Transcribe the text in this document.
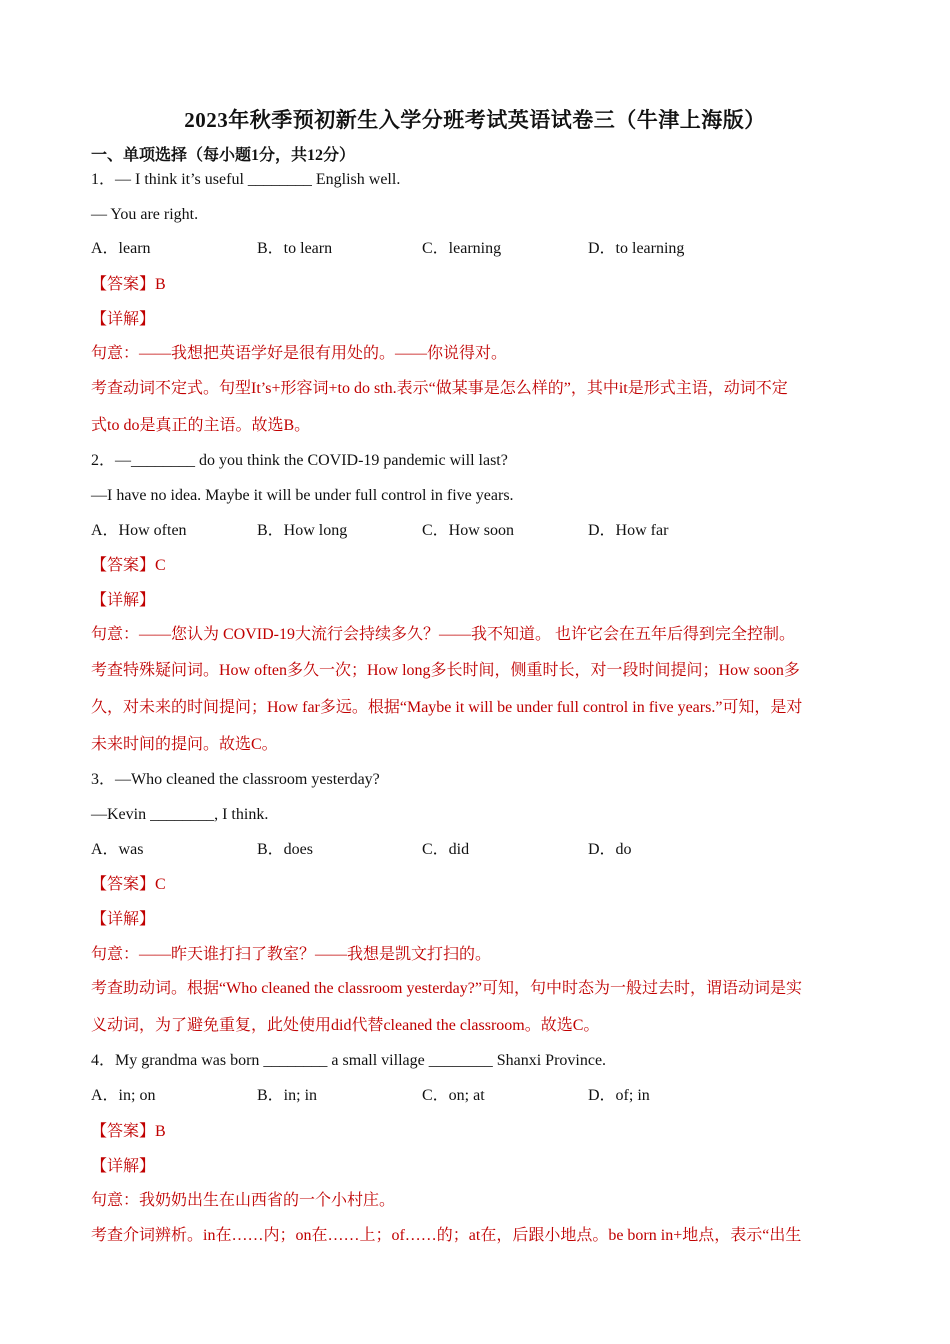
2023年秋季预初新生入学分班考试英语试卷三（牛津上海版）
一、单项选择（每小题1分，共12分）
1．— I think it’s useful ________ English well.
— You are right.
A．learn	B．to learn	C．learning	D．to learning
【答案】B
【详解】
句意：——我想把英语学好是很有用处的。——你说得对。
考查动词不定式。句型It’s+形容词+to do sth.表示“做某事是怎么样的”，其中it是形式主语，动词不定
式to do是真正的主语。故选B。
2．—________ do you think the COVID-19 pandemic will last?
—I have no idea. Maybe it will be under full control in five years.
A．How often	B．How long	C．How soon	D．How far
【答案】C
【详解】
句意：——您认为 COVID-19大流行会持续多久？——我不知道。 也许它会在五年后得到完全控制。
考查特殊疑问词。How often多久一次；How long多长时间，侧重时长，对一段时间提问；How soon多
久，对未来的时间提问；How far多远。根据“Maybe it will be under full control in five years.”可知，是对
未来时间的提问。故选C。
3．—Who cleaned the classroom yesterday?
—Kevin ________, I think.
A．was	B．does	C．did	D．do
【答案】C
【详解】
句意：——昨天谁打扫了教室？——我想是凯文打扫的。
考查助动词。根据“Who cleaned the classroom yesterday?”可知，句中时态为一般过去时，谓语动词是实
义动词，为了避免重复，此处使用did代替cleaned the classroom。故选C。
4．My grandma was born ________ a small village ________ Shanxi Province.
A．in; on	B．in; in	C．on; at	D．of; in
【答案】B
【详解】
句意：我奶奶出生在山西省的一个小村庄。
考查介词辨析。in在……内；on在……上；of……的；at在，后跟小地点。be born in+地点，表示“出生
